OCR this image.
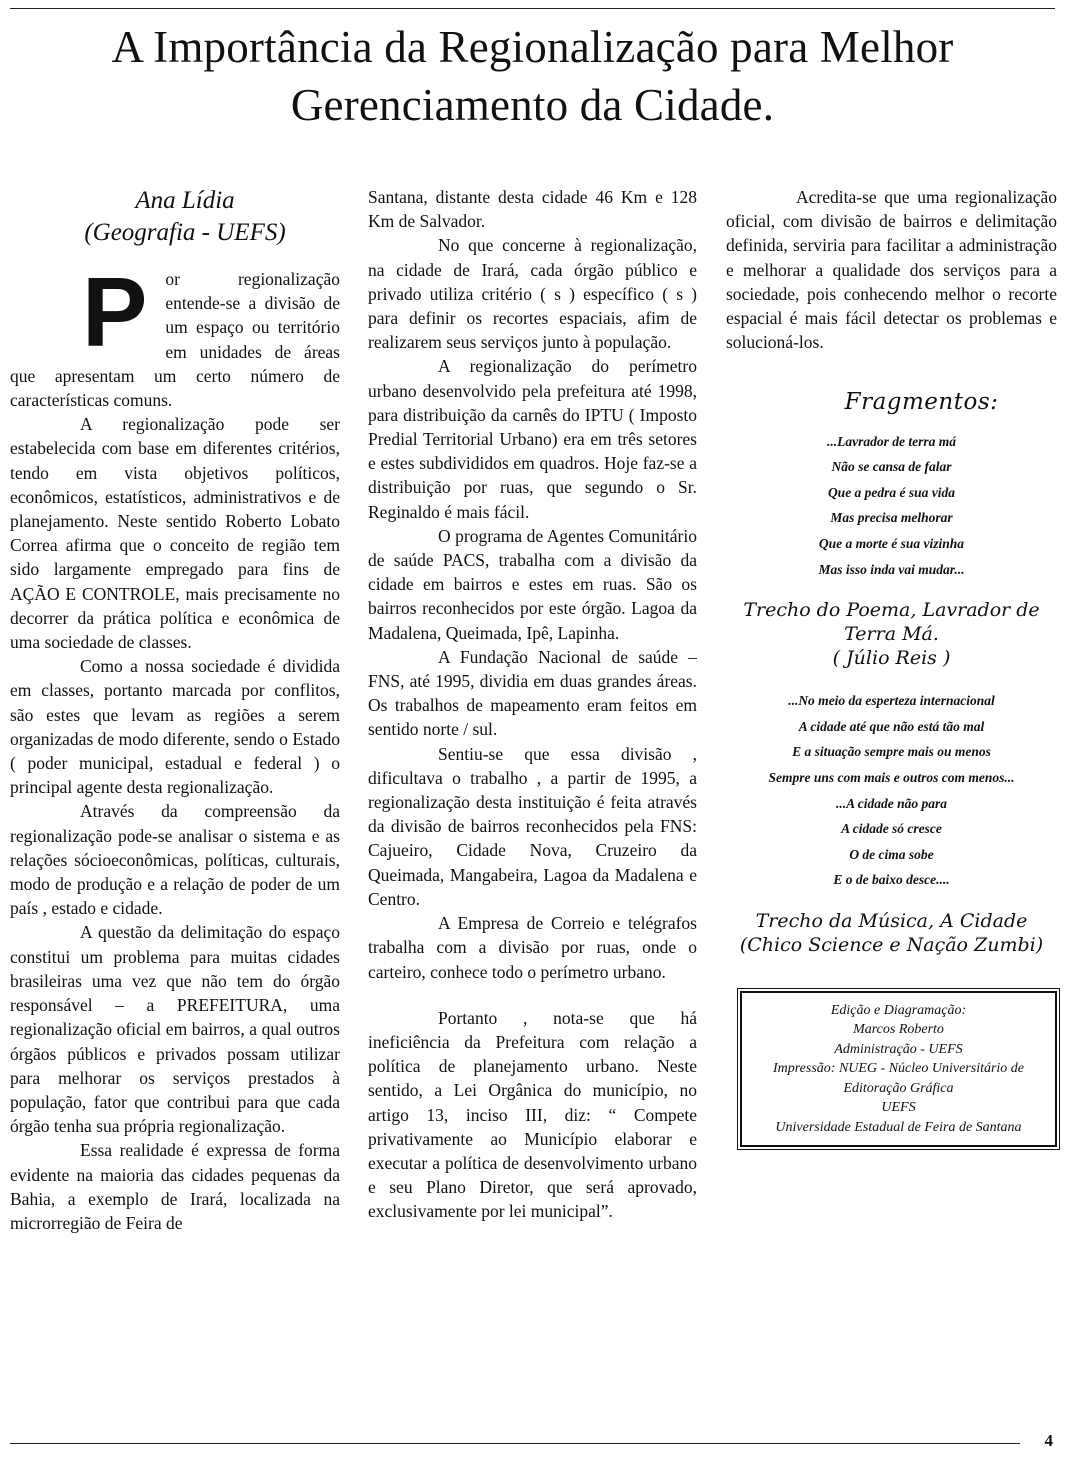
A Importância da Regionalização para Melhor
Gerenciamento da Cidade.
Ana Lídia
(Geografia - UEFS)

P or regionalização entende-se a divisão de um espaço ou território em unidades de áreas que apresentam um certo número de características comuns.

A regionalização pode ser estabelecida com base em diferentes critérios, tendo em vista objetivos políticos, econômicos, estatísticos, administrativos e de planejamento. Neste sentido Roberto Lobato Correa afirma que o conceito de região tem sido largamente empregado para fins de AÇÃO E CONTROLE, mais precisamente no decorrer da prática política e econômica de uma sociedade de classes.

Como a nossa sociedade é dividida em classes, portanto marcada por conflitos, são estes que levam as regiões a serem organizadas de modo diferente, sendo o Estado ( poder municipal, estadual e federal ) o principal agente desta regionalização.

Através da compreensão da regionalização pode-se analisar o sistema e as relações sócioeconômicas, políticas, culturais, modo de produção e a relação de poder de um país , estado e cidade.

A questão da delimitação do espaço constitui um problema para muitas cidades brasileiras uma vez que não tem do órgão responsável – a PREFEITURA, uma regionalização oficial em bairros, a qual outros órgãos públicos e privados possam utilizar para melhorar os serviços prestados à população, fator que contribui para que cada órgão tenha sua própria regionalização.

Essa realidade é expressa de forma evidente na maioria das cidades pequenas da Bahia, a exemplo de Irará, localizada na microrregião de Feira de

Santana, distante desta cidade 46 Km e 128 Km de Salvador.

No que concerne à regionalização, na cidade de Irará, cada órgão público e privado utiliza critério ( s ) específico ( s ) para definir os recortes espaciais, afim de realizarem seus serviços junto à população.

A regionalização do perímetro urbano desenvolvido pela prefeitura até 1998, para distribuição da carnês do IPTU ( Imposto Predial Territorial Urbano) era em três setores e estes subdivididos em quadros. Hoje faz-se a distribuição por ruas, que segundo o Sr. Reginaldo é mais fácil.

O programa de Agentes Comunitário de saúde PACS, trabalha com a divisão da cidade em bairros e estes em ruas. São os bairros reconhecidos por este órgão. Lagoa da Madalena, Queimada, Ipê, Lapinha.

A Fundação Nacional de saúde – FNS, até 1995, dividia em duas grandes áreas. Os trabalhos de mapeamento eram feitos em sentido norte / sul.

Sentiu-se que essa divisão , dificultava o trabalho , a partir de 1995, a regionalização desta instituição é feita através da divisão de bairros reconhecidos pela FNS: Cajueiro, Cidade Nova, Cruzeiro da Queimada, Mangabeira, Lagoa da Madalena e Centro.

A Empresa de Correio e telégrafos trabalha com a divisão por ruas, onde o carteiro, conhece todo o perímetro urbano.

Portanto , nota-se que há ineficiência da Prefeitura com relação a política de planejamento urbano. Neste sentido, a Lei Orgânica do município, no artigo 13, inciso III, diz: “ Compete privativamente ao Município elaborar e executar a política de desenvolvimento urbano e seu Plano Diretor, que será aprovado, exclusivamente por lei municipal”.

Acredita-se que uma regionalização oficial, com divisão de bairros e delimitação definida, serviria para facilitar a administração e melhorar a qualidade dos serviços para a sociedade, pois conhecendo melhor o recorte espacial é mais fácil detectar os problemas e solucioná-los.

Fragmentos:
...Lavrador de terra má
Não se cansa de falar
Que a pedra é sua vida
Mas precisa melhorar
Que a morte é sua vizinha
Mas isso inda vai mudar...
Trecho do Poema, Lavrador de
Terra Má.
( Júlio Reis )
...No meio da esperteza internacional
A cidade até que não está tão mal
E a situação sempre mais ou menos
Sempre uns com mais e outros com menos...
...A cidade não para
A cidade só cresce
O de cima sobe
E o de baixo desce....
Trecho da Música, A Cidade
(Chico Science e Nação Zumbi)
Edição e Diagramação:
Marcos Roberto
Administração - UEFS
Impressão: NUEG - Núcleo Universitário de
Editoração Gráfica
UEFS
Universidade Estadual de Feira de Santana
4
